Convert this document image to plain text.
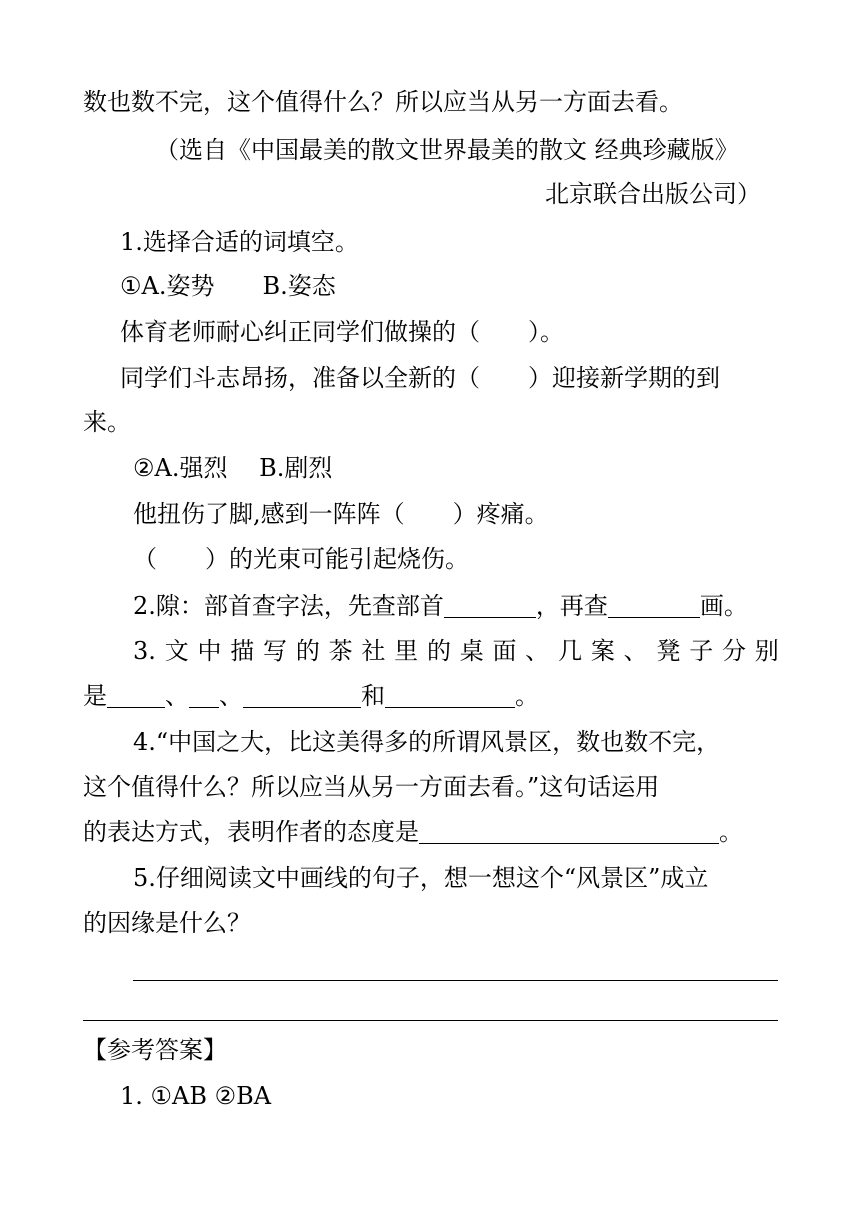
数也数不完，这个值得什么？所以应当从另一方面去看。

（选自《中国最美的散文世界最美的散文 经典珍藏版》

北京联合出版公司）

1.选择合适的词填空。

①A.姿势　　B.姿态

体育老师耐心纠正同学们做操的（ ）。

同学们斗志昂扬，准备以全新的（ ）迎接新学期的到

来。

②A.强烈　 B.剧烈

他扭伤了脚,感到一阵阵（ ）疼痛。

（ ）的光束可能引起烧伤。

2.隙：部首查字法，先查部首	，再查	画。

3. 文 中 描 写 的 茶 社 里 的 桌 面 、 几 案 、 凳 子 分 别

是 、 、	和	。

4.“中国之大，比这美得多的所谓风景区，数也数不完，

这个值得什么？所以应当从另一方面去看。”这句话运用

的表达方式，表明作者的态度是	。

5.仔细阅读文中画线的句子，想一想这个“风景区”成立

的因缘是什么？

【参考答案】

1. ①AB ②BA
